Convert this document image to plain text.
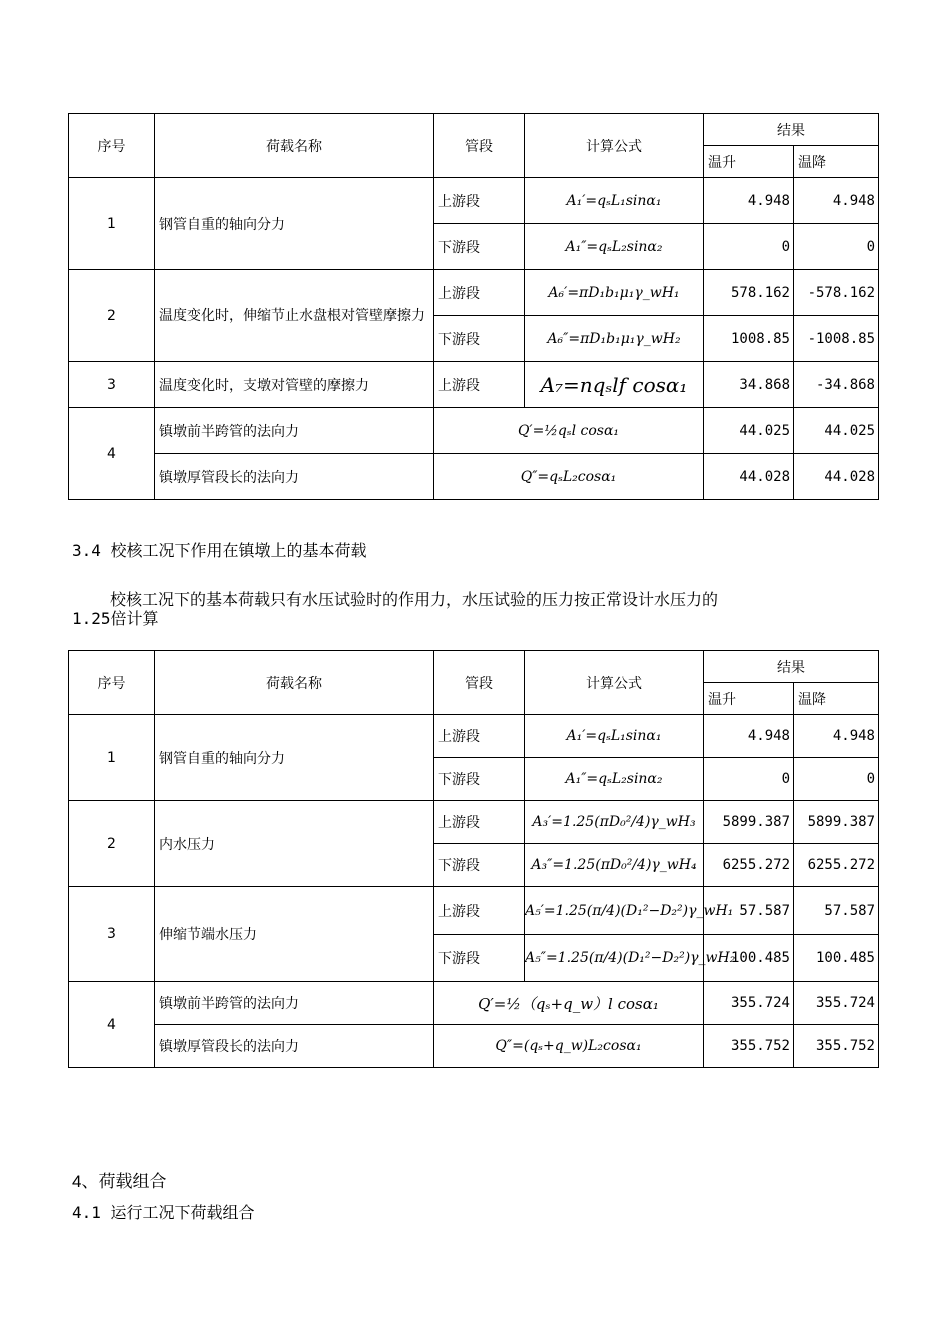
序号	荷载名称	管段	计算公式	结果	
				温升	温降
1	钢管自重的轴向分力	上游段	A₁′=qₛL₁sinα₁	4.948	4.948
		下游段	A₁″=qₛL₂sinα₂	0	0
2	温度变化时，伸缩节止水盘根对管壁摩擦力	上游段	A₆′=πD₁b₁μ₁γ_wH₁	578.162	-578.162
		下游段	A₆″=πD₁b₁μ₁γ_wH₂	1008.85	-1008.85
3	温度变化时，支墩对管壁的摩擦力	上游段	A₇=nqₛlf cosα₁	34.868	-34.868
4	镇墩前半跨管的法向力	Q′=½qₛl cosα₁		44.025	44.025
	镇墩厚管段长的法向力	Q″=qₛL₂cosα₁		44.028	44.028
3.4 校核工况下作用在镇墩上的基本荷载
校核工况下的基本荷载只有水压试验时的作用力，水压试验的压力按正常设计水压力的
1.25倍计算
序号	荷载名称	管段	计算公式	结果	
				温升	温降
1	钢管自重的轴向分力	上游段	A₁′=qₛL₁sinα₁	4.948	4.948
		下游段	A₁″=qₛL₂sinα₂	0	0
2	内水压力	上游段	A₃′=1.25(πD₀²/4)γ_wH₃	5899.387	5899.387
		下游段	A₃″=1.25(πD₀²/4)γ_wH₄	6255.272	6255.272
3	伸缩节端水压力	上游段	A₅′=1.25(π/4)(D₁²−D₂²)γ_wH₁	57.587	57.587
		下游段	A₅″=1.25(π/4)(D₁²−D₂²)γ_wH₂	100.485	100.485
4	镇墩前半跨管的法向力	Q′=½（qₛ+q_w）l cosα₁		355.724	355.724
	镇墩厚管段长的法向力	Q″=(qₛ+q_w)L₂cosα₁		355.752	355.752
4、荷载组合
4.1 运行工况下荷载组合
